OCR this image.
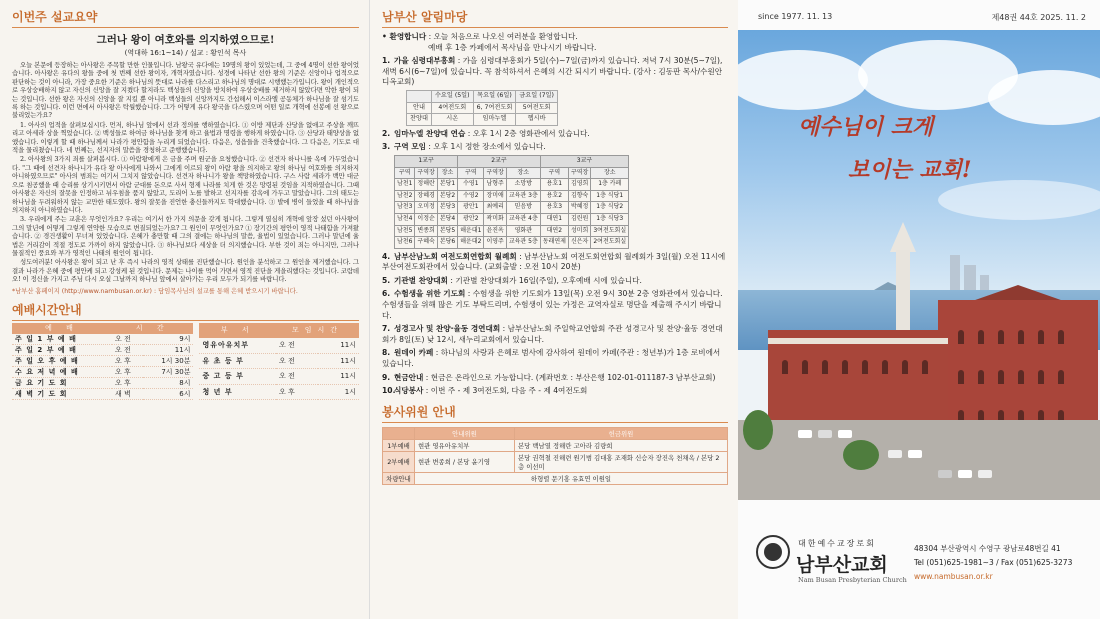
이번주 설교요약
그러나 왕이 여호와를 의지하였으므로!
(역대하 16:1~14) / 설교 : 황인석 목사

오늘 본문에 등장하는 아사왕은 주목할 만한 인물입니다. 남왕국 유다에는 19명의 왕이 있었는데, 그 중에 4명이 선한 왕이었습니다. 아사왕은 유다의 왕들 중에 첫 번째 선한 왕이자, 개혁자였습니다. 성경에 나타난 선한 왕의 기준은 신앙이나 업적으로 판단하는 것이 아니라, 가장 중요한 기준은 하나님의 뜻대로 나라를 다스리고 하나님의 명대로 시행했는가입니다. 왕이 개인적으로 우상숭배하지 않고 자신의 신앙을 잘 지켰다 할지라도 백성들의 신앙을 방치하여 우상숭배를 제거하지 않았다면 악한 왕이 되는 것입니다. 선한 왕은 자신의 신앙을 잘 지킬 뿐 아니라 백성들의 신앙까지도 간섭해서 이스라엘 공동체가 하나님을 잘 섬기도록 하는 것입니다. 이런 면에서 아사왕은 탁월했습니다. 그가 어떻게 유다 왕국을 다스렸으며 어떤 일로 개혁에 선봉에 선 왕으로 불리었는가요?

1. 아사의 업적을 살펴보십시다. 먼저, 하나님 앞에서 선과 정의를 행하였습니다. ① 이방 제단과 산당을 없애고 주상을 깨뜨리고 아세라 상을 찍었습니다. ② 백성들로 하여금 하나님을 찾게 하고 율법과 명령을 행하게 하였습니다. ③ 산당과 태양상을 없앴습니다. 이렇게 할 때 하나님께서 나라가 평안함을 누리게 되었습니다. 다음은, 성읍들을 건축했습니다. 그 다음은, 기도로 대적을 물리쳤습니다. 네 번째는, 선지자의 말씀을 경청하고 준행했습니다.

2. 아사왕의 3가지 죄를 살펴봅시다. ① 아람왕에게 은 금을 주며 원군을 요청했습니다. ② 선견자 하나니를 옥에 가두었습니다. "그 때에 선견자 하나니가 유다 왕 아사에게 나와서 그에게 이르되 왕이 아람 왕을 의지하고 왕의 하나님 여호와를 의지하지 아니하였으므로" 아사의 범죄는 여기서 그치지 않았습니다. 선견자 하나니가 왕을 책망하였습니다. 구스 사람 세라가 백만 대군으로 침공했을 때 승리를 상기시키면서 아람 군대를 돈으로 사서 형제 나라를 치게 한 것은 망령된 것임을 지적하였습니다. 그때 아사왕은 자신의 잘못을 인정하고 뉘우침을 품지 않았고, 도리어 노를 발하고 선지자를 감옥에 가두고 말았습니다. 그의 태도는 하나님을 두려워하지 않는 교만한 태도였다. 왕의 잘못을 진언한 충신들까지도 학대했습니다. ③ 발에 병이 들었을 때 하나님을 의지하지 아니하였습니다.

3. 우리에게 주는 교훈은 무엇인가요? 우리는 여기서 한 가지 의문을 갖게 됩니다. 그렇게 열심히 개혁에 앞장 섰던 아사왕이 그의 말년에 어떻게 그렇게 연약한 모습으로 변질되었는가요? 그 원인이 무엇인가요? ① 장기간의 평안이 영적 나태함을 가져왔습니다. ② 경건생활이 무너져 있었습니다. 은혜가 충만할 때 그의 결에는 하나님의 말씀, 율법이 있었습니다. 그러나 말년에 율법은 거리감이 적절 정도로 가까이 하지 않았습니다. ③ 하나님보다 세상을 더 의지했습니다. 부한 것이 죄는 아니지만, 그러나 물질적인 풍요와 부가 영적인 나태의 원인이 됩니다.

성도여러분! 아사왕은 왕이 되고 난 후 즉시 나라의 영적 상태를 진단했습니다. 원인을 분석하고 그 원인을 제거했습니다. 그 결과 나라가 은혜 중에 평안케 되고 강성케 된 것입니다. 문제는 나이를 먹어 가면서 영적 진단을 게을리했다는 것입니다. 코람데오! 이 정신을 가지고 주님 다시 오실 그날까지 하나님 앞에서 살아가는 우리 모두가 되기를 바랍니다.

*남부산 홈페이지 (http://www.nambusan.or.kr) : 담임목사님의 설교를 통해 은혜 받으시기 바랍니다.
예배시간안내
예 배	시 간	
주 일 1 부 예 배	오 전	9시
주 일 2 부 예 배	오 전	11시
주 일 오 후 예 배	오 후	1시 30분
수 요 저 녁 예 배	오 후	7시 30분
금 요 기 도 회	오 후	8시
새 벽 기 도 회	새 벽	6시
부 서	모임시간	
영유아유치부	오 전	11시
유 초 등 부	오 전	11시
중 고 등 부	오 전	11시
청 년 부	오 후	1시
남부산 알림마당
• 환영합니다 : 오늘 처음으로 나오신 여러분을 환영합니다.
예배 후 1층 카페에서 목사님을 만나시기 바랍니다.
1. 가을 심령대부흥회 : 가을 심령대부흥회가 5일(수)~7일(금)까지 있습니다. 저녁 7시 30분(5~7일), 새벽 6시(6~7일)에 있습니다. 꼭 참석하셔서 은혜의 시간 되시기 바랍니다. (강사 : 김동판 목사/수원안디옥교회)
	수요일 (5일)	목요일 (6일)	금요일 (7일)
안내	4여전도회	6, 7여전도회	5여전도회
찬양대	시온	임마누엘	헵시바
2. 임마누엘 찬양대 연습 : 오후 1시 2층 영화관에서 있습니다.
3. 구역 모임 : 오후 1시 정한 장소에서 있습니다.
1교구			2교구			3교구		
구역	구역장	장소	구역	구역장	장소	구역	구역장	장소
남천1	정해란	본당1	수영1	남형주	소망방	용호1	김영희	1층 카페
남천2	장혜경	본당2	수영2	장미애	교육관 3층	용호2	김향숙	1층 식당1
남천3	오미정	본당3	광안1	최예리	믿음방	용호3	박혜정	1층 식당2
남천4	이정순	본당4	광안2	곽미화	교육관 4층	대연1	김린원	1층 식당3
남천5	변종희	본당5	해운대1	윤진옥	영화관	대연2	성미희	3여전도회실
남천6	구혜숙	본당6	해운대2	이영주	교육관 5층	동래연제	신은자	2여전도회실
4. 남부산남노회 여전도회연합회 월례회 : 남부산남노회 여전도회연합회 월례회가 3일(월) 오전 11시에 부산여전도회관에서 있습니다. (교회출발 : 오전 10시 20분)
5. 기관별 찬양대회 : 기관별 찬양대회가 16일(주일), 오후예배 시에 있습니다.
6. 수험생을 위한 기도회 : 수험생을 위한 기도회가 13일(목) 오전 9시 30분 2층 영화관에서 있습니다. 수험생들을 위해 많은 기도 부탁드리며, 수험생이 있는 가정은 교역자실로 명단을 제출해 주시기 바랍니다.
7. 성경고사 및 찬양·율동 경연대회 : 남부산남노회 주일학교연합회 주관 성경고사 및 찬양·율동 경연대회가 8일(토) 낮 12시, 새누리교회에서 있습니다.
8. 원데이 카페 : 하나님의 사랑과 은혜로 범사에 감사하여 원데이 카페(주관 : 청년부)가 1층 로비에서 있습니다.
9. 현금안내 : 현금은 온라인으로 가능합니다. (계좌번호 : 부산은행 102-01-011187-3 남부산교회)
10.식당봉사 : 이번 주 - 제 3여전도회, 다음 주 - 제 4여전도회
봉사위원 안내
	안내위원	헌금위원
1부예배	현관 영유아유치부	본당 백남열 정해란 고아라 김량희
2부예배	현관 변종희 / 본당 윤기영	본당 권혁철 진해련 원기범 김대홍 조재화 신승자 장진옥 천채옥 / 본당 2층 이선미
차량안내	하형렬 문기홍 유효연 이원일	
since 1977. 11. 13	제48권 44호 2025. 11. 2
예수님이 크게
보이는 교회!
대한예수교장로회
남부산교회
Nam Busan Presbyterian Church
48304 부산광역시 수영구 광남로48번길 41
Tel (051)625-1981~3 / Fax (051)625-3273
www.nambusan.or.kr
